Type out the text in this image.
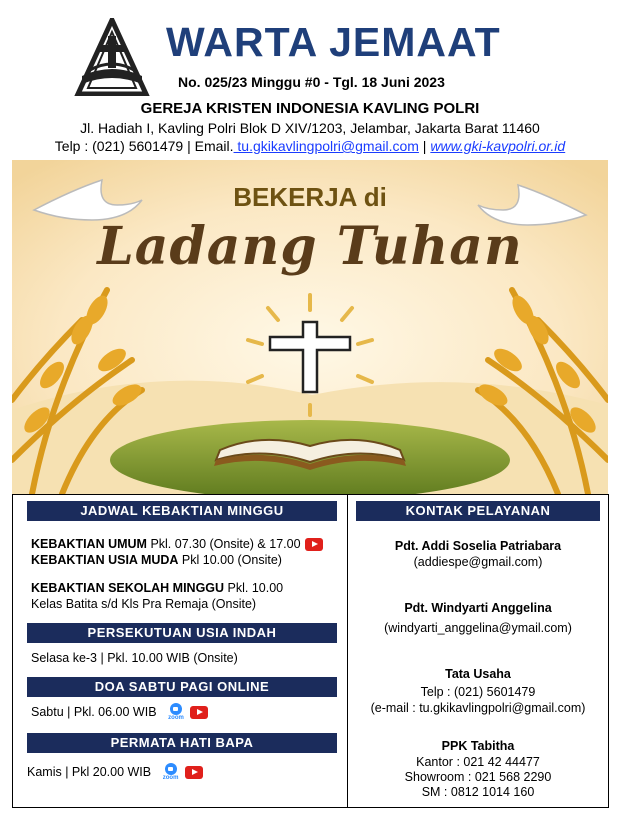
WARTA JEMAAT
No. 025/23 Minggu #0 - Tgl. 18 Juni 2023
GEREJA KRISTEN INDONESIA KAVLING POLRI
Jl. Hadiah I, Kavling Polri Blok D XIV/1203, Jelambar, Jakarta Barat 11460
Telp : (021) 5601479 | Email. tu.gkikavlingpolri@gmail.com | www.gki-kavpolri.or.id
BEKERJA di
Ladang Tuhan
JADWAL KEBAKTIAN MINGGU
KEBAKTIAN UMUM Pkl. 07.30 (Onsite) & 17.00
KEBAKTIAN USIA MUDA Pkl 10.00 (Onsite)
KEBAKTIAN SEKOLAH MINGGU Pkl. 10.00
Kelas Batita s/d Kls Pra Remaja (Onsite)
PERSEKUTUAN USIA INDAH
Selasa ke-3 | Pkl. 10.00 WIB (Onsite)
DOA SABTU PAGI ONLINE
Sabtu | Pkl. 06.00 WIB	zoom
PERMATA HATI BAPA
Kamis | Pkl 20.00 WIB	zoom
KONTAK PELAYANAN
Pdt. Addi Soselia Patriabara
(addiespe@gmail.com)
Pdt. Windyarti Anggelina
(windyarti_anggelina@ymail.com)
Tata Usaha
Telp : (021) 5601479
(e-mail : tu.gkikavlingpolri@gmail.com)
PPK Tabitha
Kantor : 021 42 44477
Showroom : 021 568 2290
SM : 0812 1014 160
